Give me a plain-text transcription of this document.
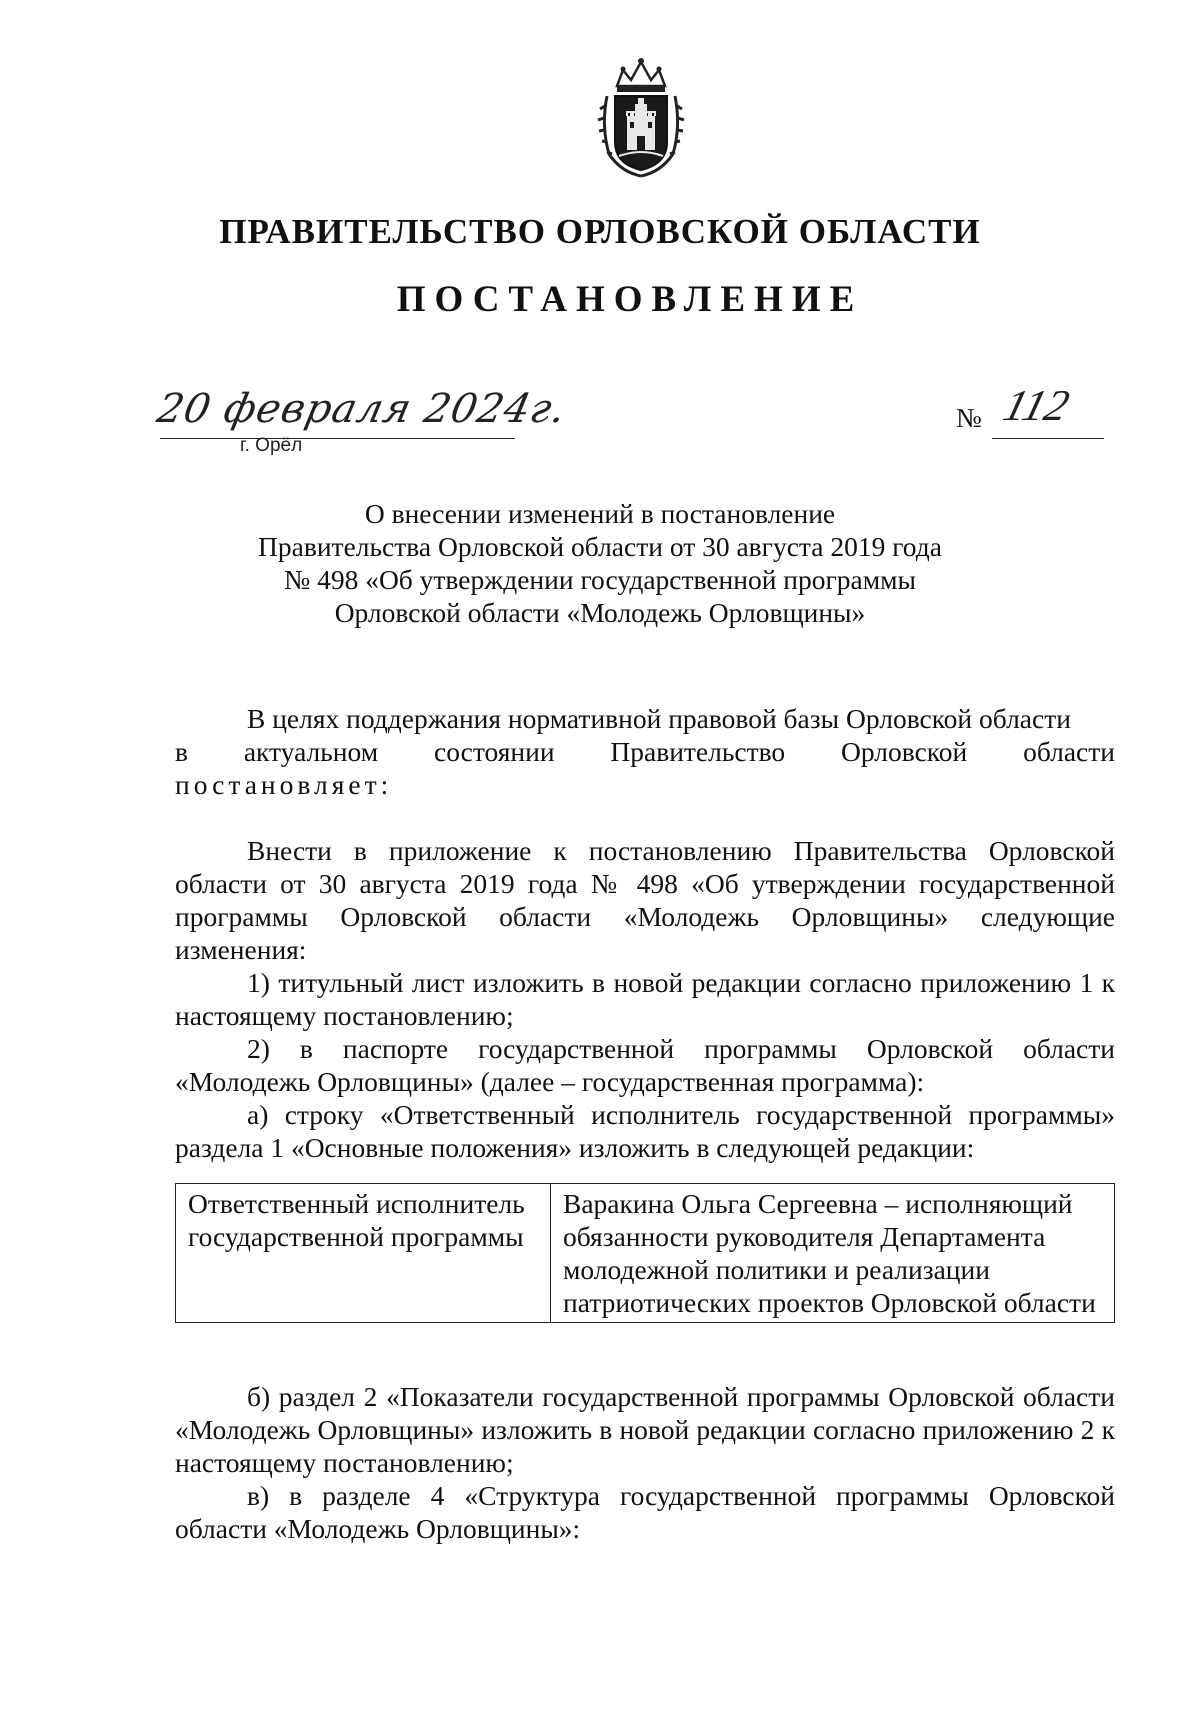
ПРАВИТЕЛЬСТВО ОРЛОВСКОЙ ОБЛАСТИ
ПОСТАНОВЛЕНИЕ
20 февраля 2024г.
г. Орёл
№ 112
О внесении изменений в постановление
Правительства Орловской области от 30 августа 2019 года
№ 498 «Об утверждении государственной программы
Орловской области «Молодежь Орловщины»
В целях поддержания нормативной правовой базы Орловской области
в актуальном состоянии Правительство Орловской области
постановляет:
Внести в приложение к постановлению Правительства Орловской области от 30 августа 2019 года № 498 «Об утверждении государственной программы Орловской области «Молодежь Орловщины» следующие изменения:
1) титульный лист изложить в новой редакции согласно приложению 1 к настоящему постановлению;
2) в паспорте государственной программы Орловской области «Молодежь Орловщины» (далее – государственная программа):
а) строку «Ответственный исполнитель государственной программы» раздела 1 «Основные положения» изложить в следующей редакции:
Ответственный исполнитель государственной программы	Варакина Ольга Сергеевна – исполняющий обязанности руководителя Департамента молодежной политики и реализации патриотических проектов Орловской области
б) раздел 2 «Показатели государственной программы Орловской области «Молодежь Орловщины» изложить в новой редакции согласно приложению 2 к настоящему постановлению;
в) в разделе 4 «Структура государственной программы Орловской области «Молодежь Орловщины»:
